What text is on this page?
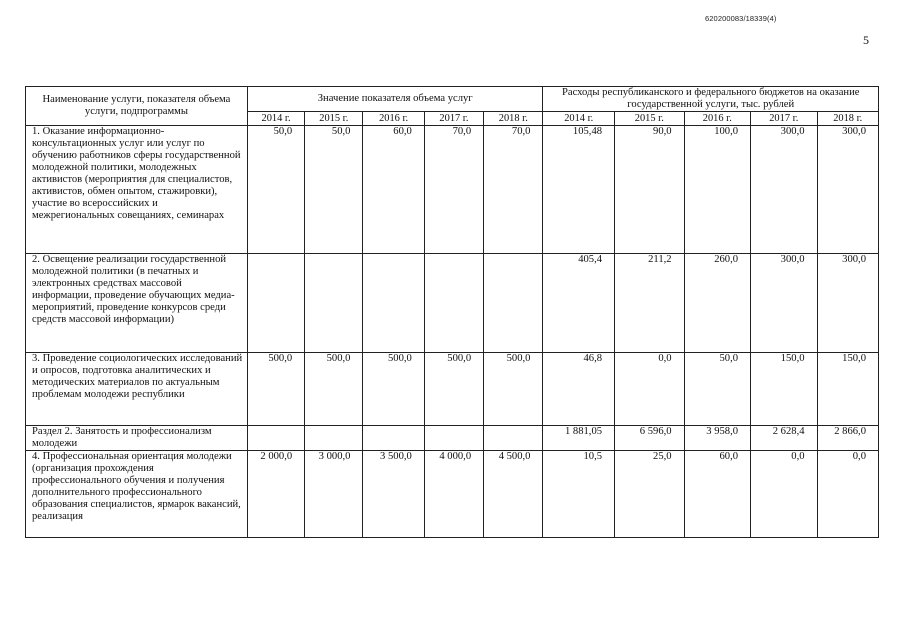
620200083/18339(4)
5
Наименование услуги, показателя объема услуги, подпрограммы	Значение показателя объема услуг					Расходы республиканского и федерального бюджетов на оказание государственной услуги, тыс. рублей				
	2014 г.	2015 г.	2016 г.	2017 г.	2018 г.	2014 г.	2015 г.	2016 г.	2017 г.	2018 г.
1. Оказание информационно-консультационных услуг или услуг по обучению работников сферы государственной молодежной политики, молодежных активистов (мероприятия для специалистов, активистов, обмен опытом, стажировки), участие во всероссийских и межрегиональных совещаниях, семинарах	50,0	50,0	60,0	70,0	70,0	105,48	90,0	100,0	300,0	300,0
2. Освещение реализации государственной молодежной политики (в печатных и электронных средствах массовой информации, проведение обучающих медиа-мероприятий, проведение конкурсов среди средств массовой информации)						405,4	211,2	260,0	300,0	300,0
3. Проведение социологических исследований и опросов, подготовка аналитических и методических материалов по актуальным проблемам молодежи республики	500,0	500,0	500,0	500,0	500,0	46,8	0,0	50,0	150,0	150,0
Раздел 2. Занятость и профессионализм молодежи						1 881,05	6 596,0	3 958,0	2 628,4	2 866,0
4. Профессиональная ориентация молодежи (организация прохождения профессионального обучения и получения дополнительного профессионального образования специалистов, ярмарок вакансий, реализация	2 000,0	3 000,0	3 500,0	4 000,0	4 500,0	10,5	25,0	60,0	0,0	0,0
